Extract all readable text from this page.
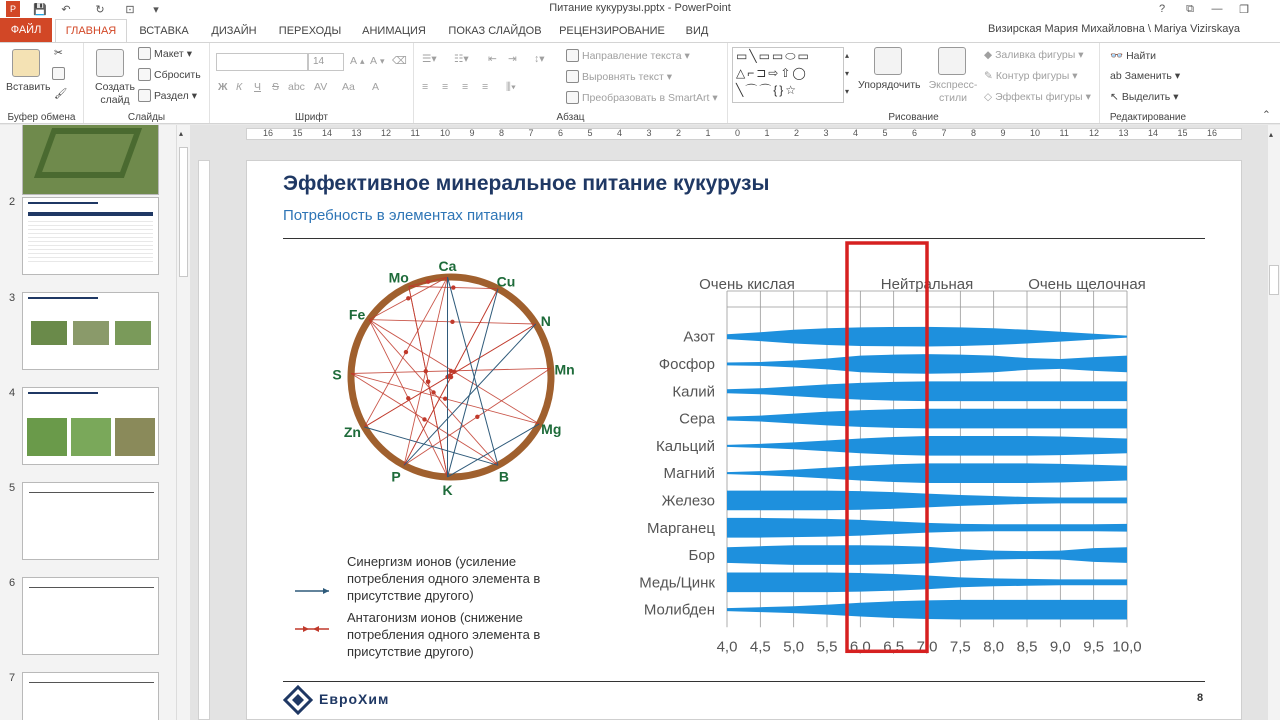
P	💾	↶	↻	⊡	▾	Питание кукурузы.pptx - PowerPoint	?	⧉ — ❐
ФАЙЛ	ГЛАВНАЯ	ВСТАВКА	ДИЗАЙН	ПЕРЕХОДЫ	АНИМАЦИЯ	ПОКАЗ СЛАЙДОВ РЕЦЕНЗИРОВАНИЕ	ВИД	Визирская Мария Михайловна \ Mariya Vizirskaya
Вставить
✂
🖌
Буфер обмена
Создать слайд
Макет ▾
Сбросить
Раздел ▾
Слайды
14	A ▴ A ▾ ⌫
Ж К Ч S abc AV Aa A
Шрифт
☰▾ ☷▾ ⇤ ⇥ ↕▾
≡ ≡ ≡ ≡ ⫼▾
Направление текста ▾
Выровнять текст ▾
Преобразовать в SmartArt ▾
Абзац
▭╲▭▭⬭▭
△⌐⊐⇨⇧◯
╲⌒⌒{}☆
▴
▾
▾
Упорядочить Экспресс-стили
◆ Заливка фигуры ▾
✎ Контур фигуры ▾
◇ Эффекты фигуры ▾
Рисование
👓 Найти
ab Заменить ▾
↖ Выделить ▾
Редактирование	⌃
2
3
4
5
6
7
▴	16 15 14 13 12 11 10 9	8	7	6	5	4	3	2	1	0	1	2	3	4	5	6	7	8	9	10 11 12 13 14 15 16	▴
Эффективное минеральное питание кукурузы
Потребность в элементах питания
Ca
Cu
N
Mn
Mg
B
K
P
Zn
S
Fe
Mo
Синергизм ионов (усиление потребления одного элемента в присутствие другого)
Антагонизм ионов (снижение потребления одного элемента в присутствие другого)
Очень кислая	Нейтральная	Очень щелочная
Азот
Фосфор
Калий
Сера
Кальций
Магний
Железо
Марганец
Бор
Медь/Цинк
Молибден
4,0 4,5 5,0 5,5 6,0 6,5 7,0 7,5 8,0 8,5 9,0 9,5 10,0
ЕвроХим	8
